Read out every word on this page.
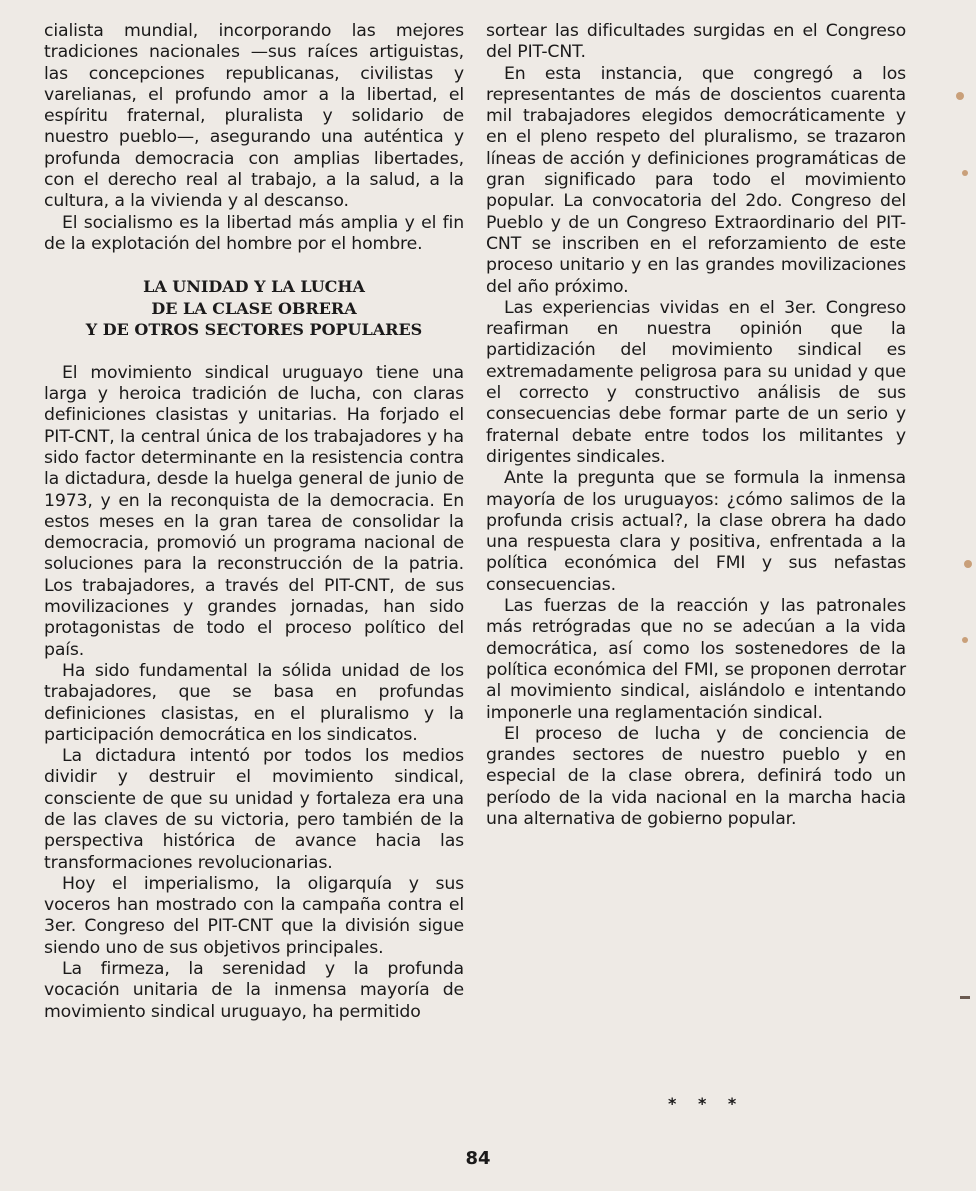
cialista mundial, incorporando las mejores tradiciones nacionales —sus raíces artiguistas, las concepciones republicanas, civilistas y varelianas, el profundo amor a la libertad, el espíritu fraternal, pluralista y solidario de nuestro pueblo—, asegurando una auténtica y profunda democracia con amplias libertades, con el derecho real al trabajo, a la salud, a la cultura, a la vivienda y al descanso.

El socialismo es la libertad más amplia y el fin de la explotación del hombre por el hombre.

LA UNIDAD Y LA LUCHA
DE LA CLASE OBRERA
Y DE OTROS SECTORES POPULARES

El movimiento sindical uruguayo tiene una larga y heroica tradición de lucha, con claras definiciones clasistas y unitarias. Ha forjado el PIT-CNT, la central única de los trabajadores y ha sido factor determinante en la resistencia contra la dictadura, desde la huelga general de junio de 1973, y en la reconquista de la democracia. En estos meses en la gran tarea de consolidar la democracia, promovió un programa nacional de soluciones para la reconstrucción de la patria. Los trabajadores, a través del PIT-CNT, de sus movilizaciones y grandes jornadas, han sido protagonistas de todo el proceso político del país.

Ha sido fundamental la sólida unidad de los trabajadores, que se basa en profundas definiciones clasistas, en el pluralismo y la participación democrática en los sindicatos.

La dictadura intentó por todos los medios dividir y destruir el movimiento sindical, consciente de que su unidad y fortaleza era una de las claves de su victoria, pero también de la perspectiva histórica de avance hacia las transformaciones revolucionarias.

Hoy el imperialismo, la oligarquía y sus voceros han mostrado con la campaña contra el 3er. Congreso del PIT-CNT que la división sigue siendo uno de sus objetivos principales.

La firmeza, la serenidad y la profunda vocación unitaria de la inmensa mayoría de movimiento sindical uruguayo, ha permitido

sortear las dificultades surgidas en el Congreso del PIT-CNT.

En esta instancia, que congregó a los representantes de más de doscientos cuarenta mil trabajadores elegidos democráticamente y en el pleno respeto del pluralismo, se trazaron líneas de acción y definiciones programáticas de gran significado para todo el movimiento popular. La convocatoria del 2do. Congreso del Pueblo y de un Congreso Extraordinario del PIT-CNT se inscriben en el reforzamiento de este proceso unitario y en las grandes movilizaciones del año próximo.

Las experiencias vividas en el 3er. Congreso reafirman en nuestra opinión que la partidización del movimiento sindical es extremadamente peligrosa para su unidad y que el correcto y constructivo análisis de sus consecuencias debe formar parte de un serio y fraternal debate entre todos los militantes y dirigentes sindicales.

Ante la pregunta que se formula la inmensa mayoría de los uruguayos: ¿cómo salimos de la profunda crisis actual?, la clase obrera ha dado una respuesta clara y positiva, enfrentada a la política económica del FMI y sus nefastas consecuencias.

Las fuerzas de la reacción y las patronales más retrógradas que no se adecúan a la vida democrática, así como los sostenedores de la política económica del FMI, se proponen derrotar al movimiento sindical, aislándolo e intentando imponerle una reglamentación sindical.

El proceso de lucha y de conciencia de grandes sectores de nuestro pueblo y en especial de la clase obrera, definirá todo un período de la vida nacional en la marcha hacia una alternativa de gobierno popular.

* * *
84
